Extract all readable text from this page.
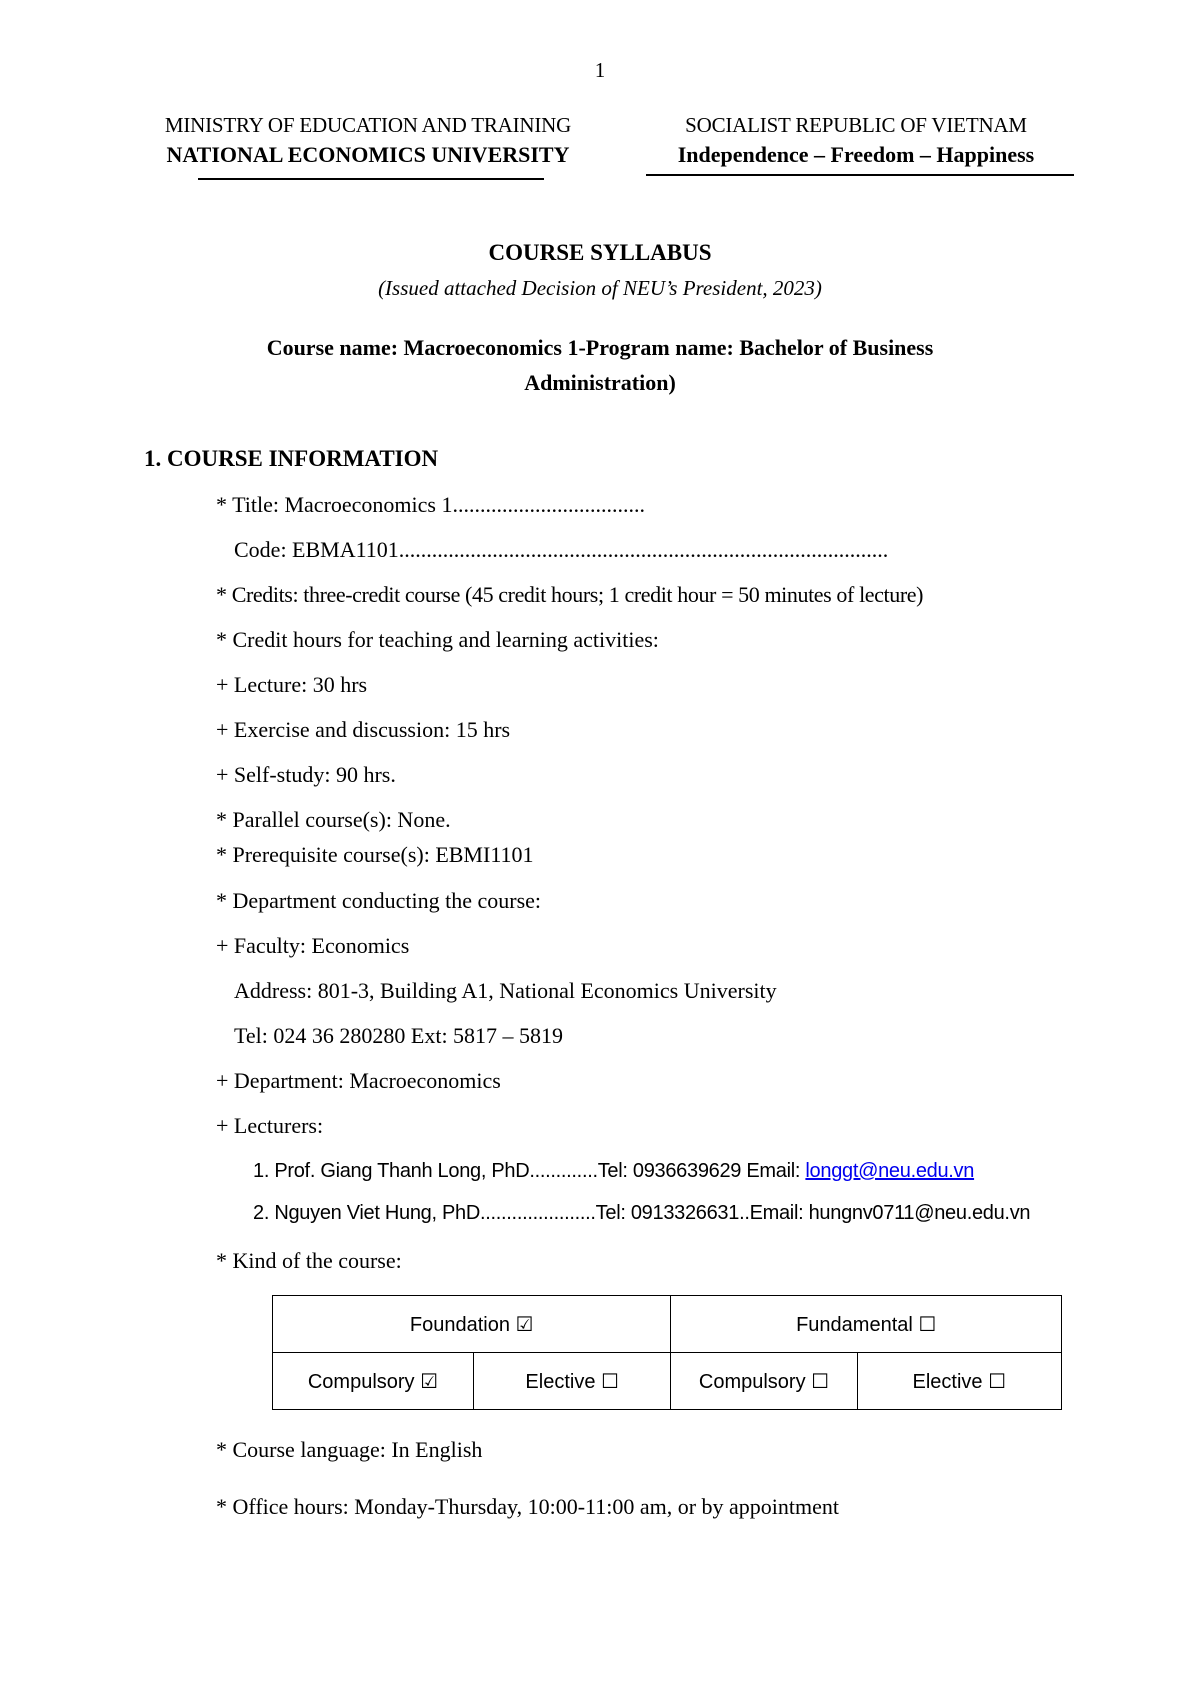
1
MINISTRY OF EDUCATION AND TRAINING
NATIONAL ECONOMICS UNIVERSITY
SOCIALIST REPUBLIC OF VIETNAM
Independence – Freedom – Happiness
COURSE SYLLABUS
(Issued attached Decision of NEU’s President, 2023)
Course name: Macroeconomics 1-Program name: Bachelor of Business
Administration)
1. COURSE INFORMATION
* Title: Macroeconomics 1...................................
Code: EBMA1101.........................................................................................
* Credits: three-credit course (45 credit hours; 1 credit hour = 50 minutes of lecture)
* Credit hours for teaching and learning activities:
+ Lecture: 30 hrs
+ Exercise and discussion: 15 hrs
+ Self-study: 90 hrs.
* Parallel course(s): None.
* Prerequisite course(s): EBMI1101
* Department conducting the course:
+ Faculty: Economics
Address: 801-3, Building A1, National Economics University
Tel: 024 36 280280 Ext: 5817 – 5819
+ Department: Macroeconomics
+ Lecturers:
1. Prof. Giang Thanh Long, PhD.............Tel: 0936639629 Email: longgt@neu.edu.vn
2. Nguyen Viet Hung, PhD......................Tel: 0913326631..Email: hungnv0711@neu.edu.vn
* Kind of the course:
Foundation ☑		Fundamental ☐	
Compulsory ☑	Elective ☐	Compulsory ☐	Elective ☐
* Course language: In English
* Office hours: Monday-Thursday, 10:00-11:00 am, or by appointment
